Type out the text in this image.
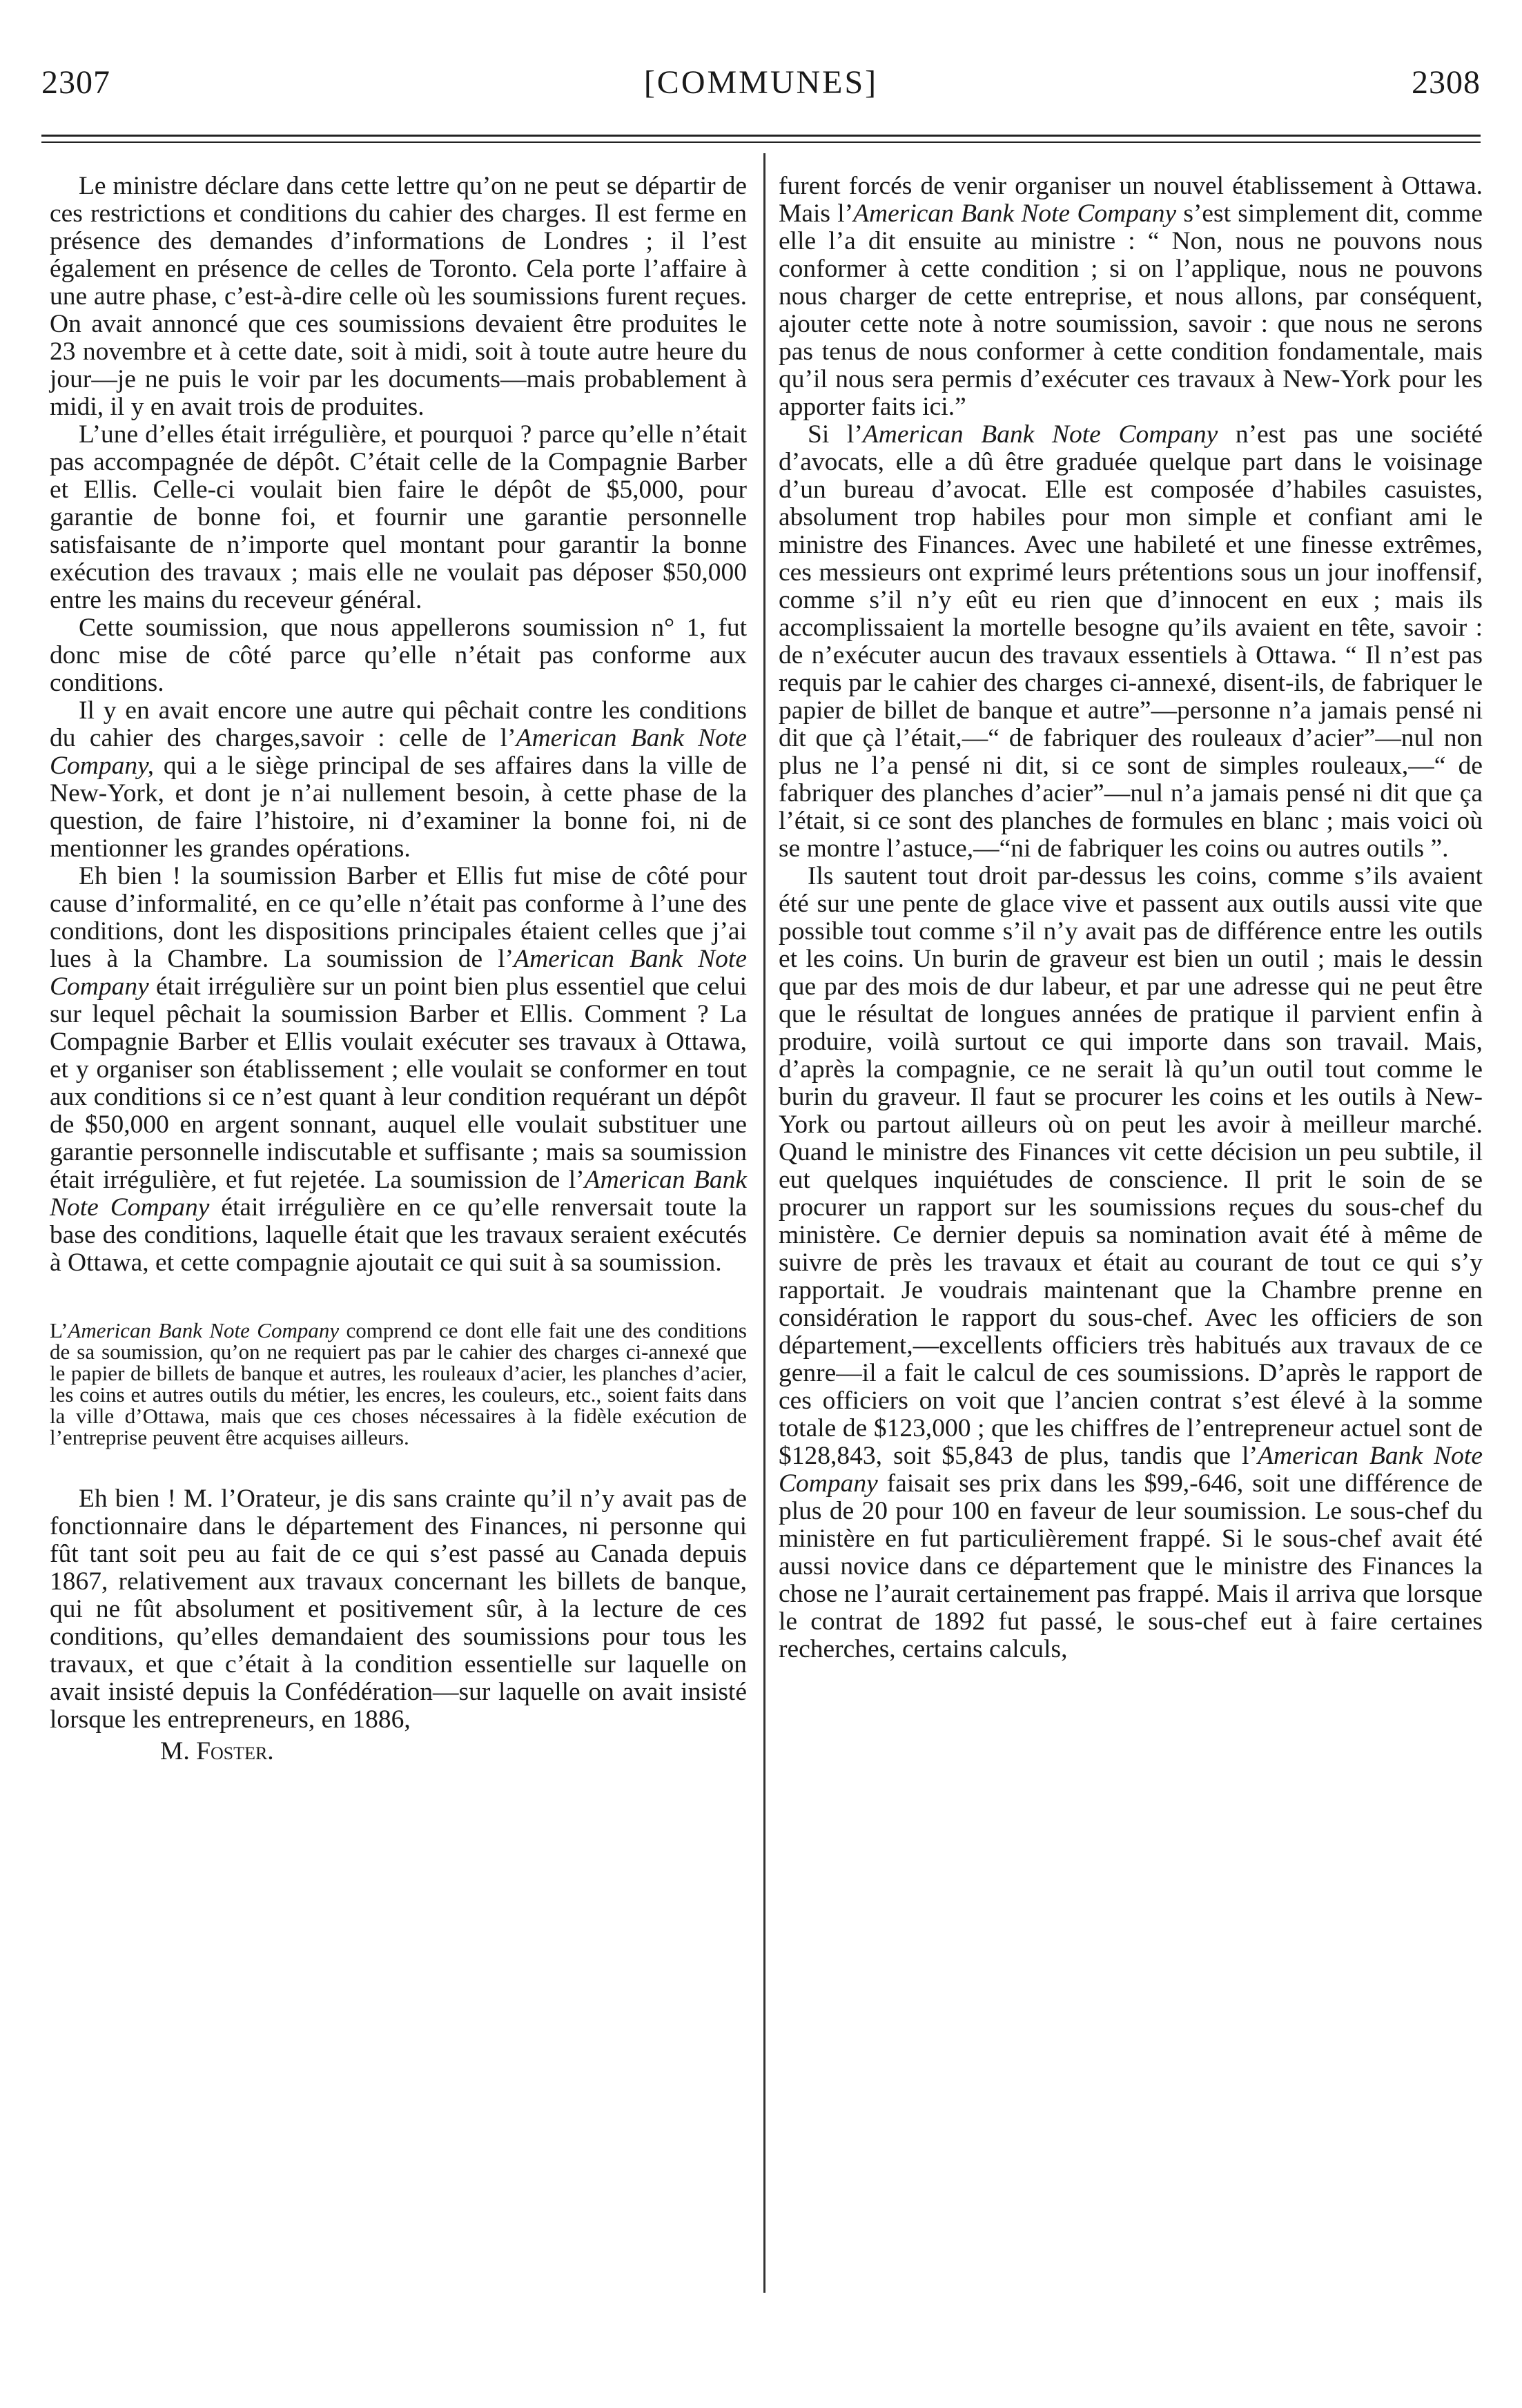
2307	[COMMUNES]	2308

Le ministre déclare dans cette lettre qu’on ne peut se départir de ces restrictions et conditions du cahier des charges. Il est ferme en présence des demandes d’informations de Londres ; il l’est également en présence de celles de Toronto. Cela porte l’affaire à une autre phase, c’est-à-dire celle où les soumissions furent reçues. On avait annoncé que ces soumissions devaient être produites le 23 novembre et à cette date, soit à midi, soit à toute autre heure du jour—je ne puis le voir par les documents—mais probablement à midi, il y en avait trois de produites.

L’une d’elles était irrégulière, et pourquoi ? parce qu’elle n’était pas accompagnée de dépôt. C’était celle de la Compagnie Barber et Ellis. Celle-ci voulait bien faire le dépôt de $5,000, pour garantie de bonne foi, et fournir une garantie personnelle satisfaisante de n’importe quel montant pour garantir la bonne exécution des travaux ; mais elle ne voulait pas déposer $50,000 entre les mains du receveur général.

Cette soumission, que nous appellerons soumission n° 1, fut donc mise de côté parce qu’elle n’était pas conforme aux conditions.

Il y en avait encore une autre qui pêchait contre les conditions du cahier des charges,savoir : celle de l’American Bank Note Company, qui a le siège principal de ses affaires dans la ville de New-York, et dont je n’ai nullement besoin, à cette phase de la question, de faire l’histoire, ni d’examiner la bonne foi, ni de mentionner les grandes opérations.

Eh bien ! la soumission Barber et Ellis fut mise de côté pour cause d’informalité, en ce qu’elle n’était pas conforme à l’une des conditions, dont les dispositions principales étaient celles que j’ai lues à la Chambre. La soumission de l’American Bank Note Company était irrégulière sur un point bien plus essentiel que celui sur lequel pêchait la soumission Barber et Ellis. Comment ? La Compagnie Barber et Ellis voulait exécuter ses travaux à Ottawa, et y organiser son établissement ; elle voulait se conformer en tout aux conditions si ce n’est quant à leur condition requérant un dépôt de $50,000 en argent sonnant, auquel elle voulait substituer une garantie personnelle indiscutable et suffisante ; mais sa soumission était irrégulière, et fut rejetée. La soumission de l’American Bank Note Company était irrégulière en ce qu’elle renversait toute la base des conditions, laquelle était que les travaux seraient exécutés à Ottawa, et cette compagnie ajoutait ce qui suit à sa soumission.

L’American Bank Note Company comprend ce dont elle fait une des conditions de sa soumission, qu’on ne requiert pas par le cahier des charges ci-annexé que le papier de billets de banque et autres, les rouleaux d’acier, les planches d’acier, les coins et autres outils du métier, les encres, les couleurs, etc., soient faits dans la ville d’Ottawa, mais que ces choses nécessaires à la fidèle exécution de l’entreprise peuvent être acquises ailleurs.

Eh bien ! M. l’Orateur, je dis sans crainte qu’il n’y avait pas de fonctionnaire dans le département des Finances, ni personne qui fût tant soit peu au fait de ce qui s’est passé au Canada depuis 1867, relativement aux travaux concernant les billets de banque, qui ne fût absolument et positivement sûr, à la lecture de ces conditions, qu’elles demandaient des soumissions pour tous les travaux, et que c’était à la condition essentielle sur laquelle on avait insisté depuis la Confédération—sur laquelle on avait insisté lorsque les entrepreneurs, en 1886,

M. Foster.

furent forcés de venir organiser un nouvel établissement à Ottawa. Mais l’American Bank Note Company s’est simplement dit, comme elle l’a dit ensuite au ministre : “ Non, nous ne pouvons nous conformer à cette condition ; si on l’applique, nous ne pouvons nous charger de cette entreprise, et nous allons, par conséquent, ajouter cette note à notre soumission, savoir : que nous ne serons pas tenus de nous conformer à cette condition fondamentale, mais qu’il nous sera permis d’exécuter ces travaux à New-York pour les apporter faits ici.”

Si l’American Bank Note Company n’est pas une société d’avocats, elle a dû être graduée quelque part dans le voisinage d’un bureau d’avocat. Elle est composée d’habiles casuistes, absolument trop habiles pour mon simple et confiant ami le ministre des Finances. Avec une habileté et une finesse extrêmes, ces messieurs ont exprimé leurs prétentions sous un jour inoffensif, comme s’il n’y eût eu rien que d’innocent en eux ; mais ils accomplissaient la mortelle besogne qu’ils avaient en tête, savoir : de n’exécuter aucun des travaux essentiels à Ottawa. “ Il n’est pas requis par le cahier des charges ci-annexé, disent-ils, de fabriquer le papier de billet de banque et autre”—personne n’a jamais pensé ni dit que çà l’était,—“ de fabriquer des rouleaux d’acier”—nul non plus ne l’a pensé ni dit, si ce sont de simples rouleaux,—“ de fabriquer des planches d’acier”—nul n’a jamais pensé ni dit que ça l’était, si ce sont des planches de formules en blanc ; mais voici où se montre l’astuce,—“ni de fabriquer les coins ou autres outils ”.

Ils sautent tout droit par-dessus les coins, comme s’ils avaient été sur une pente de glace vive et passent aux outils aussi vite que possible tout comme s’il n’y avait pas de différence entre les outils et les coins. Un burin de graveur est bien un outil ; mais le dessin que par des mois de dur labeur, et par une adresse qui ne peut être que le résultat de longues années de pratique il parvient enfin à produire, voilà surtout ce qui importe dans son travail. Mais, d’après la compagnie, ce ne serait là qu’un outil tout comme le burin du graveur. Il faut se procurer les coins et les outils à New-York ou partout ailleurs où on peut les avoir à meilleur marché. Quand le ministre des Finances vit cette décision un peu subtile, il eut quelques inquiétudes de conscience. Il prit le soin de se procurer un rapport sur les soumissions reçues du sous-chef du ministère. Ce dernier depuis sa nomination avait été à même de suivre de près les travaux et était au courant de tout ce qui s’y rapportait. Je voudrais maintenant que la Chambre prenne en considération le rapport du sous-chef. Avec les officiers de son département,—excellents officiers très habitués aux travaux de ce genre—il a fait le calcul de ces soumissions. D’après le rapport de ces officiers on voit que l’ancien contrat s’est élevé à la somme totale de $123,000 ; que les chiffres de l’entrepreneur actuel sont de $128,843, soit $5,843 de plus, tandis que l’American Bank Note Company faisait ses prix dans les $99,-646, soit une différence de plus de 20 pour 100 en faveur de leur soumission. Le sous-chef du ministère en fut particulièrement frappé. Si le sous-chef avait été aussi novice dans ce département que le ministre des Finances la chose ne l’aurait certainement pas frappé. Mais il arriva que lorsque le contrat de 1892 fut passé, le sous-chef eut à faire certaines recherches, certains calculs,
